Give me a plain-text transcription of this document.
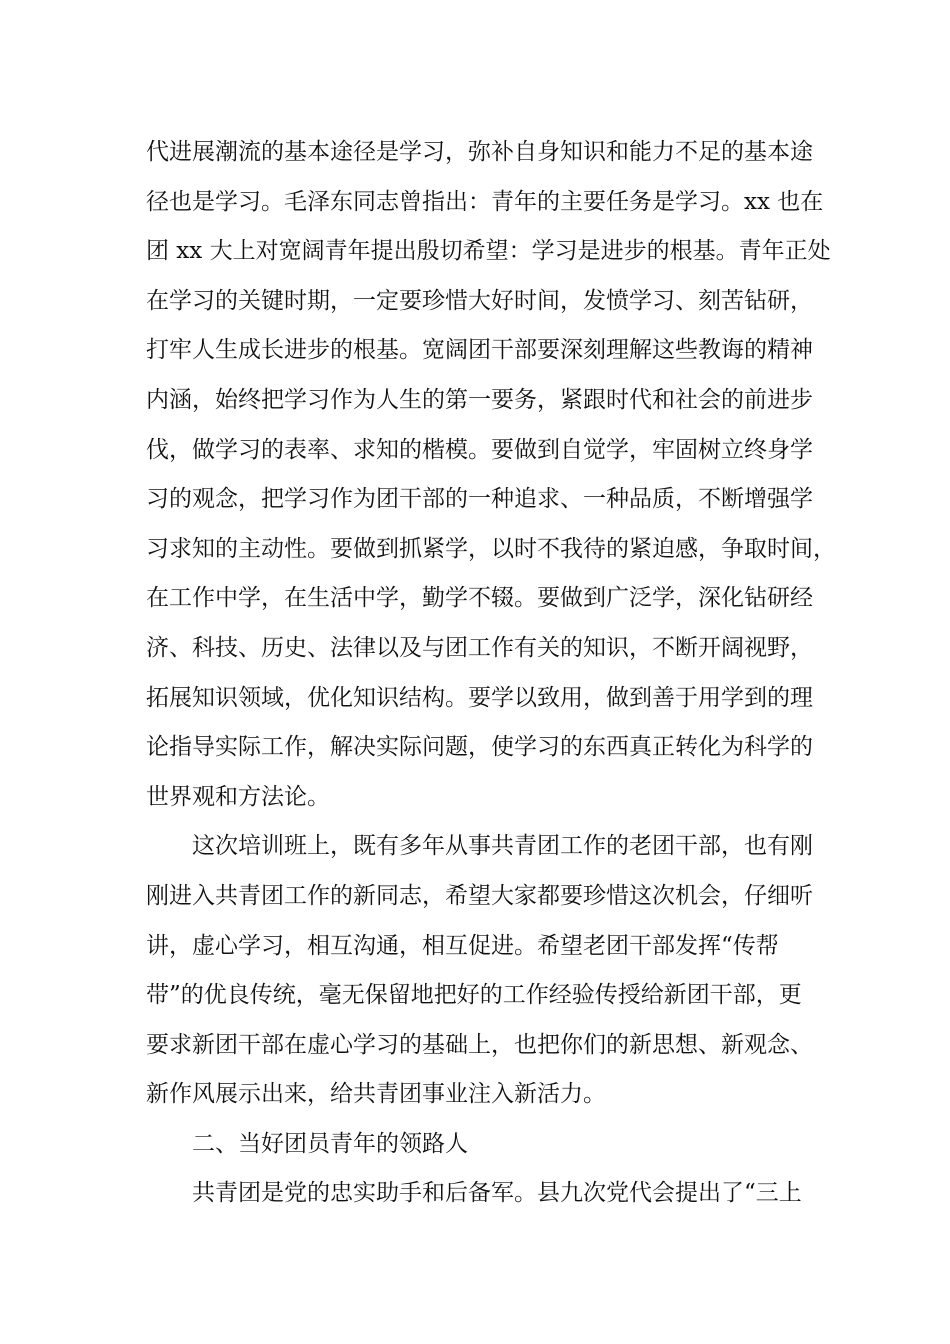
代进展潮流的基本途径是学习，弥补自身知识和能力不足的基本途
径也是学习。毛泽东同志曾指出：青年的主要任务是学习。xx 也在
团 xx 大上对宽阔青年提出殷切希望：学习是进步的根基。青年正处
在学习的关键时期，一定要珍惜大好时间，发愤学习、刻苦钻研，
打牢人生成长进步的根基。宽阔团干部要深刻理解这些教诲的精神
内涵，始终把学习作为人生的第一要务，紧跟时代和社会的前进步
伐，做学习的表率、求知的楷模。要做到自觉学，牢固树立终身学
习的观念，把学习作为团干部的一种追求、一种品质，不断增强学
习求知的主动性。要做到抓紧学，以时不我待的紧迫感，争取时间，
在工作中学，在生活中学，勤学不辍。要做到广泛学，深化钻研经
济、科技、历史、法律以及与团工作有关的知识，不断开阔视野，
拓展知识领域，优化知识结构。要学以致用，做到善于用学到的理
论指导实际工作，解决实际问题，使学习的东西真正转化为科学的
世界观和方法论。
这次培训班上，既有多年从事共青团工作的老团干部，也有刚
刚进入共青团工作的新同志，希望大家都要珍惜这次机会，仔细听
讲，虚心学习，相互沟通，相互促进。希望老团干部发挥“传帮
带”的优良传统，毫无保留地把好的工作经验传授给新团干部，更
要求新团干部在虚心学习的基础上，也把你们的新思想、新观念、
新作风展示出来，给共青团事业注入新活力。
二、当好团员青年的领路人
共青团是党的忠实助手和后备军。县九次党代会提出了“三上
